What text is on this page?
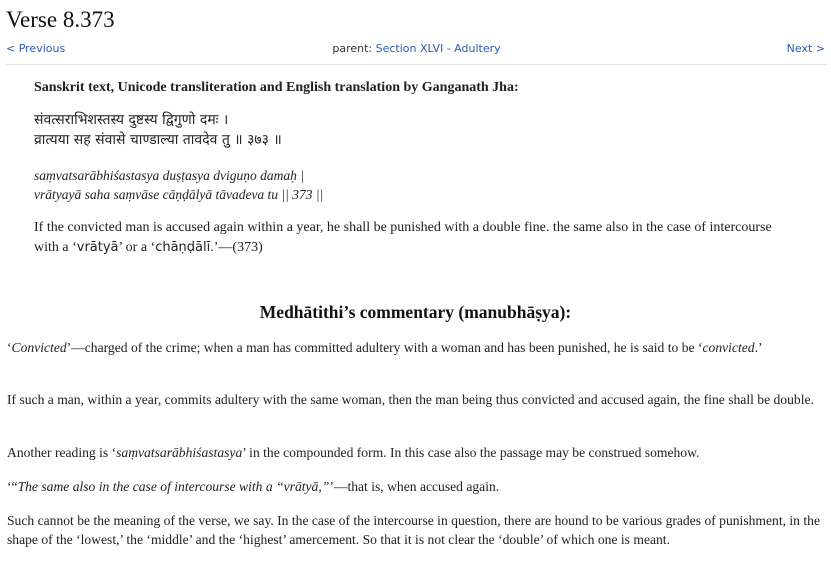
Verse 8.373
< Previous	parent: Section XLVI - Adultery	Next >
Sanskrit text, Unicode transliteration and English translation by Ganganath Jha:
संवत्सराभिशस्तस्य दुष्टस्य द्विगुणो दमः ।
व्रात्यया सह संवासे चाण्डाल्या तावदेव तु ॥ ३७३ ॥
saṃvatsarābhiśastasya duṣṭasya dviguṇo damaḥ |
vrātyayā saha saṃvāse cāṇḍālyā tāvadeva tu || 373 ||
If the convicted man is accused again within a year, he shall be punished with a double fine. the same also in the case of intercourse with a ‘vrātyā’ or a ‘chāṇḍālī.’—(373)
Medhātithi’s commentary (manubhāṣya):

‘Convicted’—charged of the crime; when a man has committed adultery with a woman and has been punished, he is said to be ‘convicted.’

If such a man, within a year, commits adultery with the same woman, then the man being thus convicted and accused again, the fine shall be double.

Another reading is ‘saṃvatsarābhiśastasya’ in the compounded form. In this case also the passage may be construed somehow.

‘“The same also in the case of intercourse with a “vrātyā,”’—that is, when accused again.

Such cannot be the meaning of the verse, we say. In the case of the intercourse in question, there are hound to be various grades of punishment, in the shape of the ‘lowest,’ the ‘middle’ and the ‘highest’ amercement. So that it is not clear the ‘double’ of which one is meant.
